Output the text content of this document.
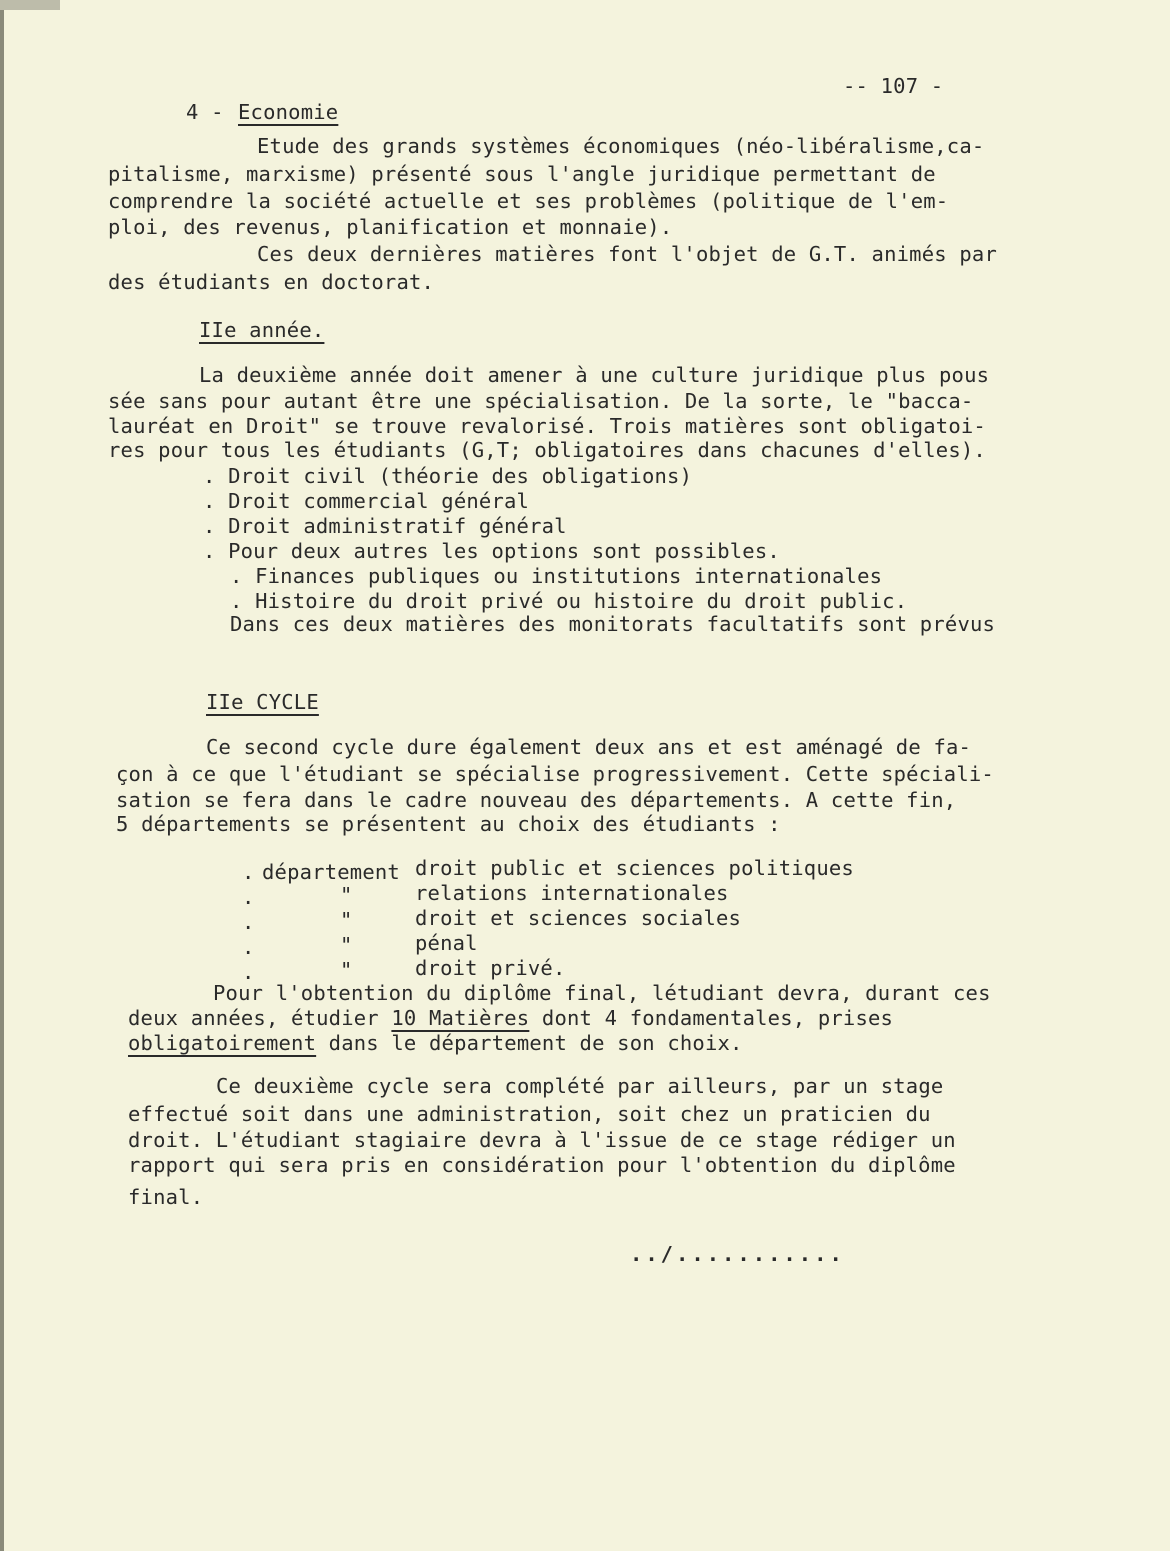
-- 107 -
4 - Economie
Etude des grands systèmes économiques (néo-libéralisme,ca-
pitalisme, marxisme) présenté sous l'angle juridique permettant de
comprendre la société actuelle et ses problèmes (politique de l'em-
ploi, des revenus, planification et monnaie).
Ces deux dernières matières font l'objet de G.T. animés par
des étudiants en doctorat.
IIe année.
La deuxième année doit amener à une culture juridique plus pous
sée sans pour autant être une spécialisation. De la sorte, le "bacca-
lauréat en Droit" se trouve revalorisé. Trois matières sont obligatoi-
res pour tous les étudiants (G,T; obligatoires dans chacunes d'elles).
. Droit civil (théorie des obligations)
. Droit commercial général
. Droit administratif général
. Pour deux autres les options sont possibles.
. Finances publiques ou institutions internationales
. Histoire du droit privé ou histoire du droit public.
Dans ces deux matières des monitorats facultatifs sont prévus
IIe CYCLE
Ce second cycle dure également deux ans et est aménagé de fa-
çon à ce que l'étudiant se spécialise progressivement. Cette spéciali-
sation se fera dans le cadre nouveau des départements. A cette fin,
5 départements se présentent au choix des étudiants :
. département droit public et sciences politiques
.	"	relations internationales
.	"	droit et sciences sociales
.	"	pénal
.	"	droit privé.
Pour l'obtention du diplôme final, létudiant devra, durant ces
deux années, étudier 10 Matières dont 4 fondamentales, prises
obligatoirement dans le département de son choix.
Ce deuxième cycle sera complété par ailleurs, par un stage
effectué soit dans une administration, soit chez un praticien du
droit. L'étudiant stagiaire devra à l'issue de ce stage rédiger un
rapport qui sera pris en considération pour l'obtention du diplôme
final.
../...........
